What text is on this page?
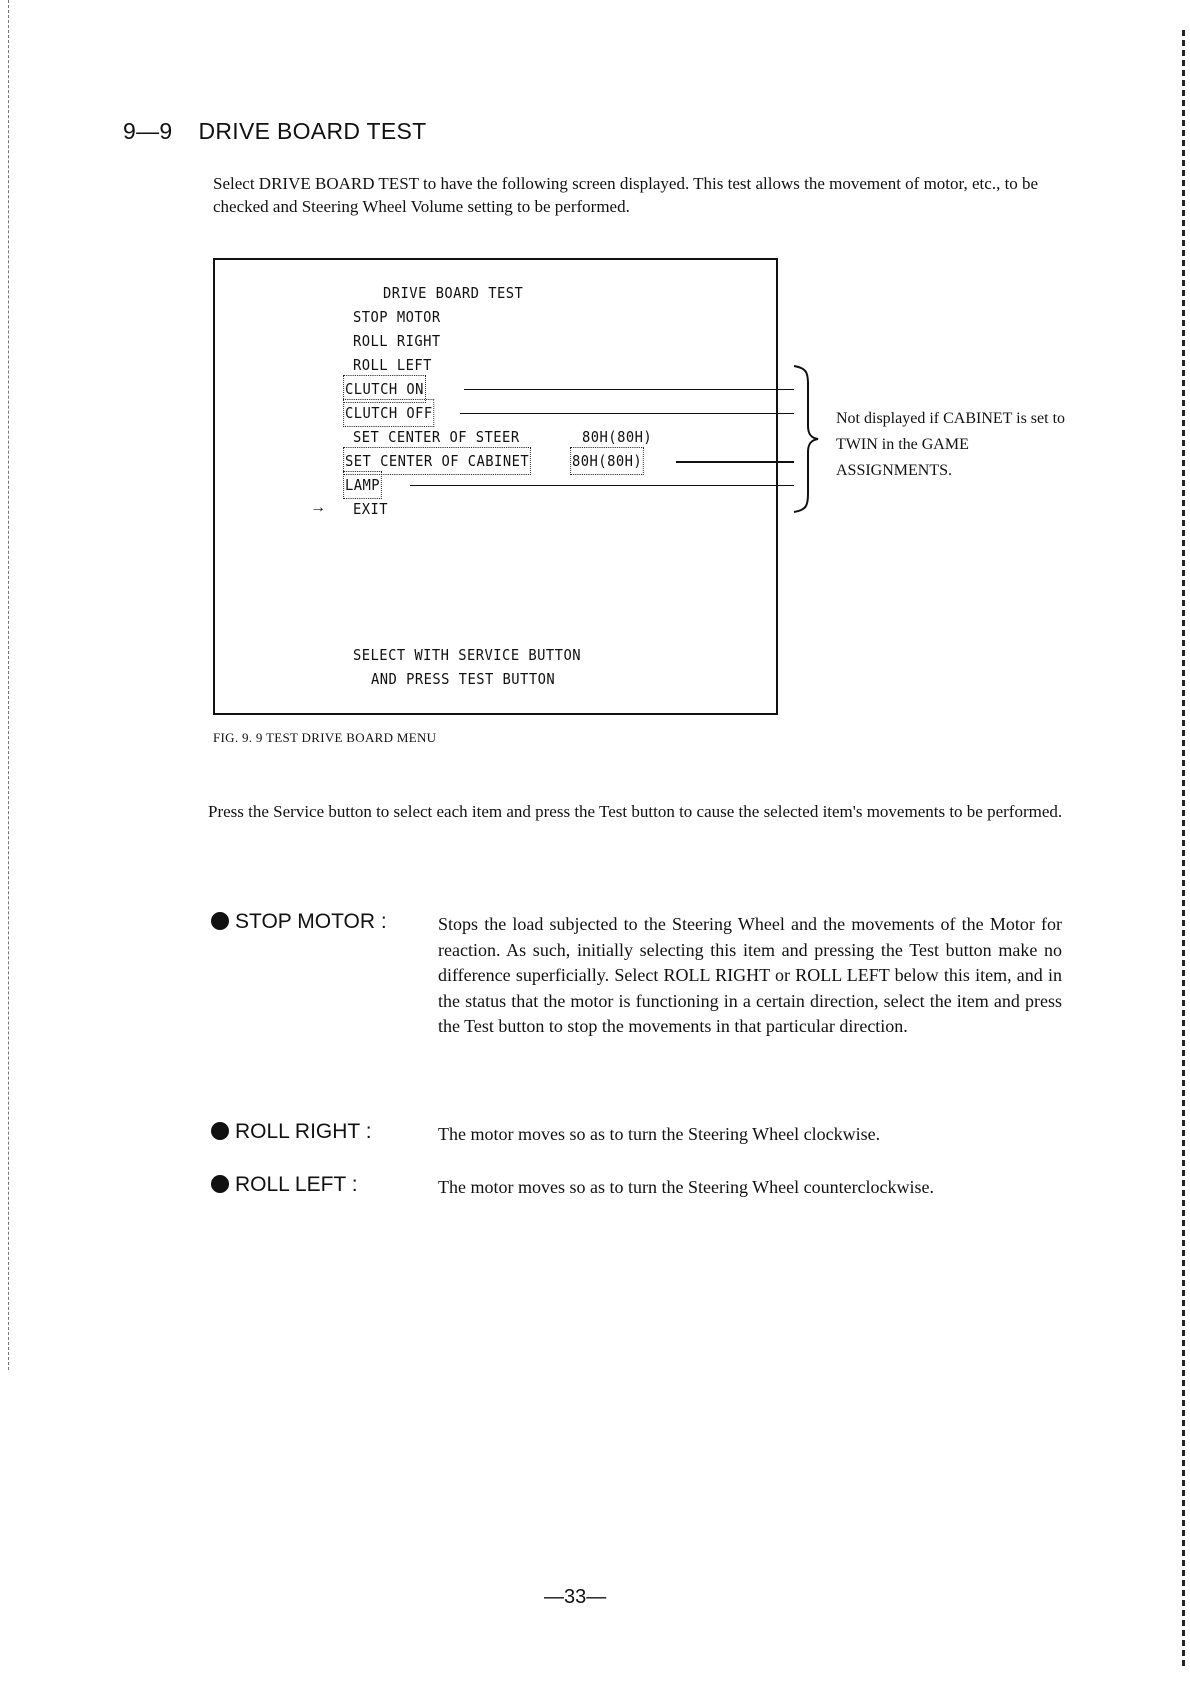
9—9 DRIVE BOARD TEST
Select DRIVE BOARD TEST to have the following screen displayed. This test allows the movement of motor, etc., to be checked and Steering Wheel Volume setting to be performed.
DRIVE BOARD TEST
STOP MOTOR
ROLL RIGHT
ROLL LEFT
CLUTCH ON
CLUTCH OFF
SET CENTER OF STEER	80H(80H)
SET CENTER OF CABINET	80H(80H)
LAMP
→ EXIT
SELECT WITH SERVICE BUTTON
AND PRESS TEST BUTTON
Not displayed if CABINET is set to TWIN in the GAME ASSIGNMENTS.
FIG. 9. 9 TEST DRIVE BOARD MENU
Press the Service button to select each item and press the Test button to cause the selected item's movements to be performed.
STOP MOTOR :	Stops the load subjected to the Steering Wheel and the movements of the Motor for reaction. As such, initially selecting this item and pressing the Test button make no difference superficially. Select ROLL RIGHT or ROLL LEFT below this item, and in the status that the motor is functioning in a certain direction, select the item and press the Test button to stop the movements in that particular direction.
ROLL RIGHT :	The motor moves so as to turn the Steering Wheel clockwise.
ROLL LEFT :	The motor moves so as to turn the Steering Wheel counterclockwise.
—33—
